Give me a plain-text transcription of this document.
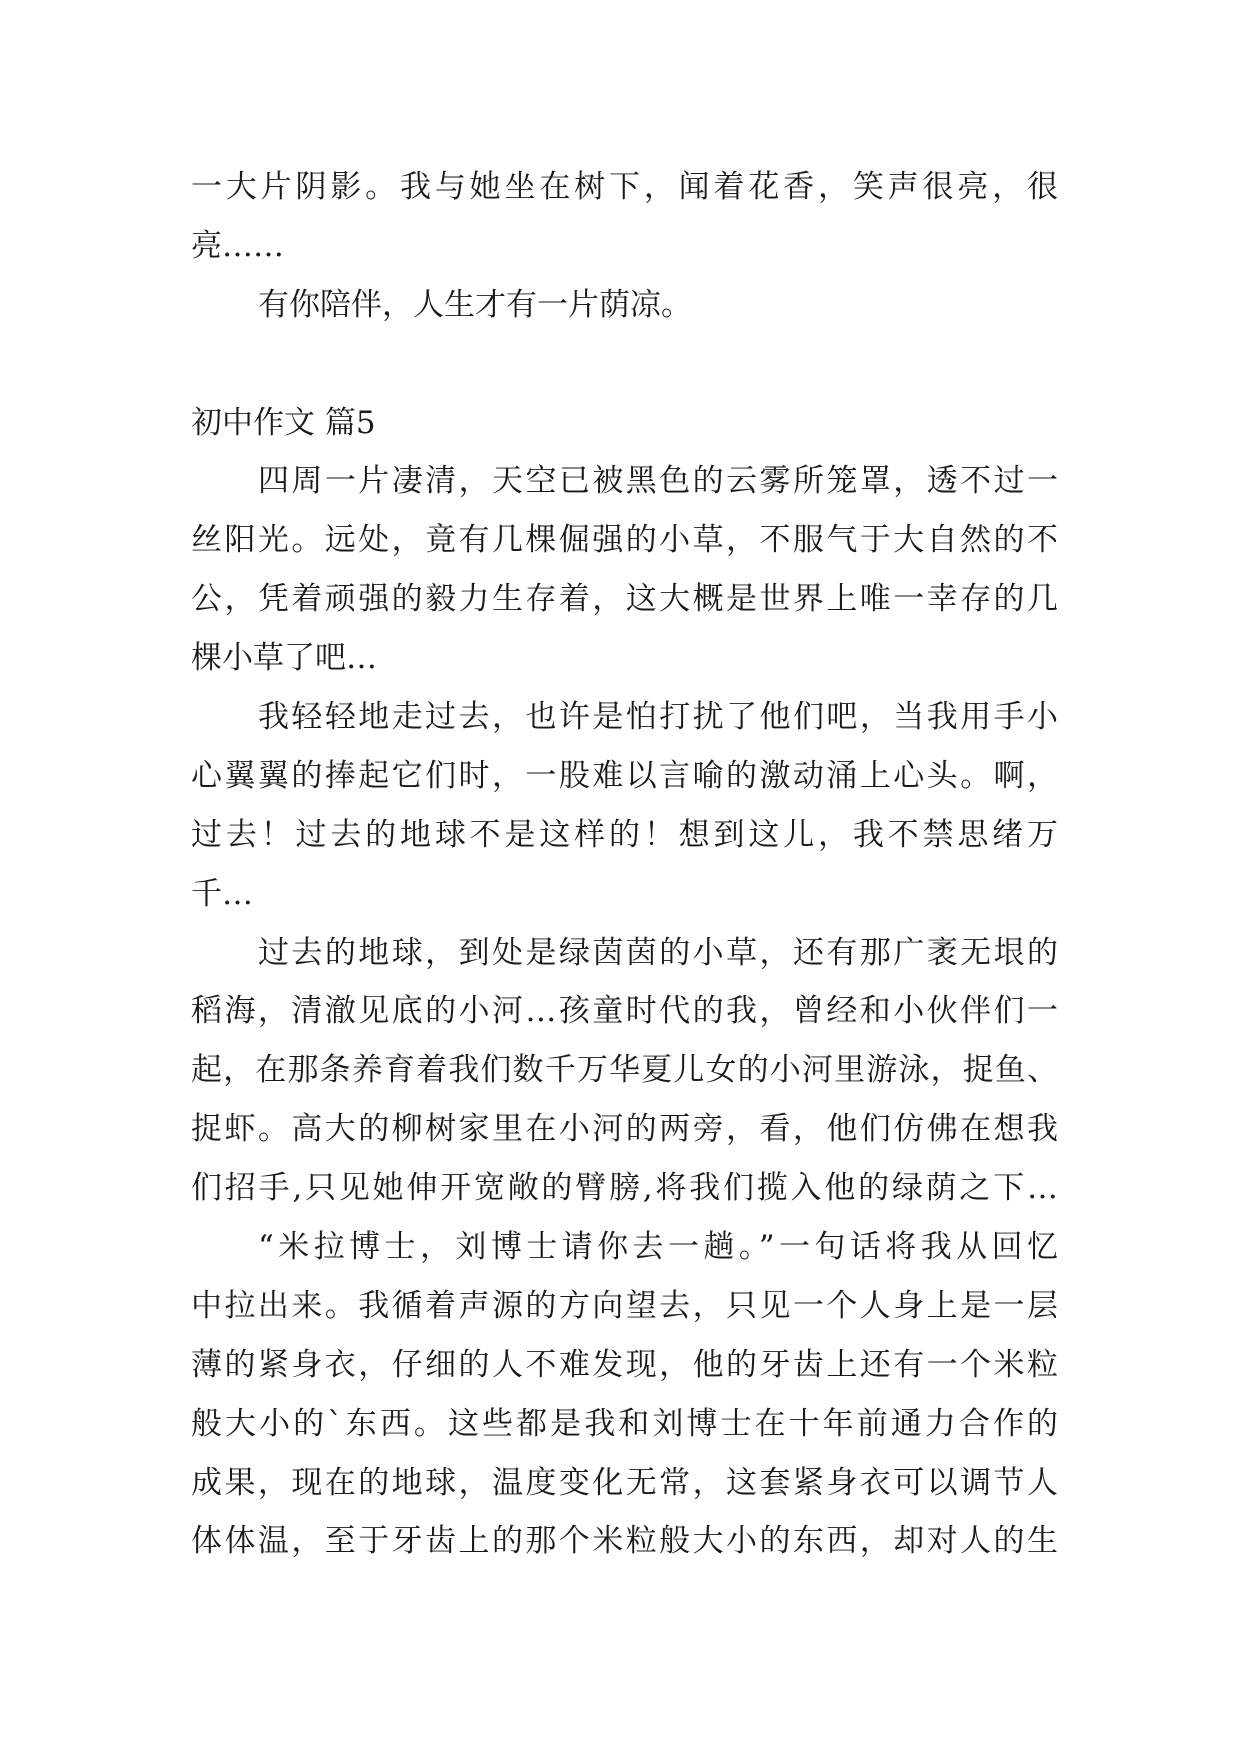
一大片阴影。我与她坐在树下，闻着花香，笑声很亮，很
亮……
有你陪伴，人生才有一片荫凉。
初中作文 篇5
四周一片凄清，天空已被黑色的云雾所笼罩，透不过一
丝阳光。远处，竟有几棵倔强的小草，不服气于大自然的不
公，凭着顽强的毅力生存着，这大概是世界上唯一幸存的几
棵小草了吧…
我轻轻地走过去，也许是怕打扰了他们吧，当我用手小
心翼翼的捧起它们时，一股难以言喻的激动涌上心头。啊，
过去！过去的地球不是这样的！想到这儿，我不禁思绪万
千…
过去的地球，到处是绿茵茵的小草，还有那广袤无垠的
稻海，清澈见底的小河…孩童时代的我，曾经和小伙伴们一
起，在那条养育着我们数千万华夏儿女的小河里游泳，捉鱼、
捉虾。高大的柳树家里在小河的两旁，看，他们仿佛在想我
们招手,只见她伸开宽敞的臂膀,将我们揽入他的绿荫之下…
“米拉博士，刘博士请你去一趟。”一句话将我从回忆
中拉出来。我循着声源的方向望去，只见一个人身上是一层
薄的紧身衣，仔细的人不难发现，他的牙齿上还有一个米粒
般大小的`东西。这些都是我和刘博士在十年前通力合作的
成果，现在的地球，温度变化无常，这套紧身衣可以调节人
体体温，至于牙齿上的那个米粒般大小的东西，却对人的生
